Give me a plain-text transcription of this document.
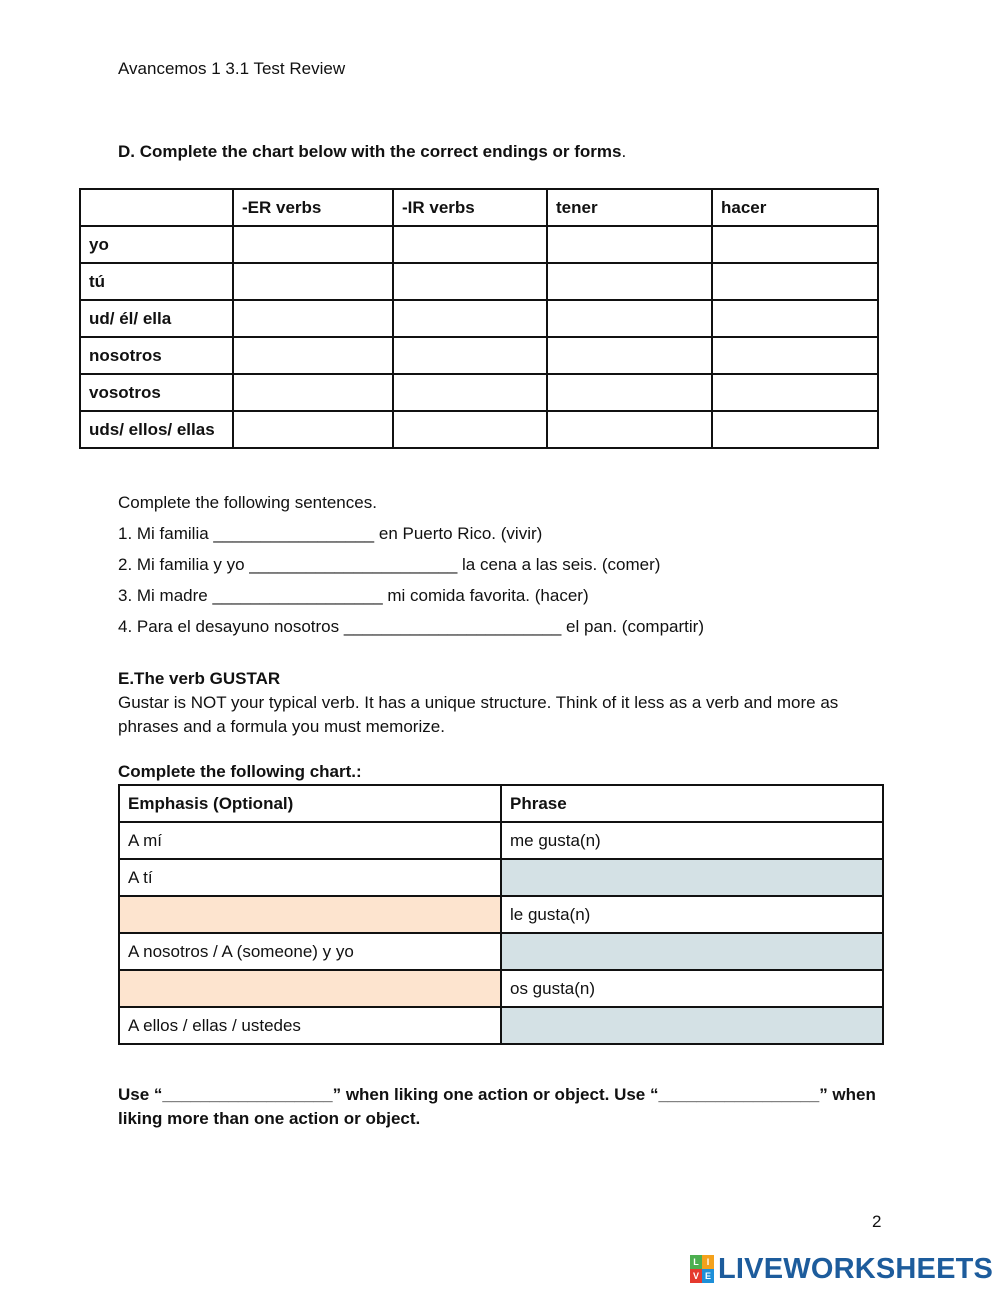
Avancemos 1 3.1 Test Review
D. Complete the chart below with the correct endings or forms.
	-ER verbs	-IR verbs	tener	hacer
yo				
tú				
ud/ él/ ella				
nosotros				
vosotros				
uds/ ellos/ ellas				
Complete the following sentences.
1. Mi familia _________________ en Puerto Rico. (vivir)
2. Mi familia y yo ______________________ la cena a las seis. (comer)
3. Mi madre __________________ mi comida favorita. (hacer)
4. Para el desayuno nosotros _______________________ el pan. (compartir)
E.The verb GUSTAR
Gustar is NOT your typical verb. It has a unique structure. Think of it less as a verb and more as phrases and a formula you must memorize.
Complete the following chart.:
Emphasis (Optional)	Phrase
A mí	me gusta(n)
A tí	
	le gusta(n)
A nosotros / A (someone) y yo	
	os gusta(n)
A ellos / ellas / ustedes	
Use “__________________” when liking one action or object. Use “_________________” when liking more than one action or object.
2
L I
V E LIVEWORKSHEETS
